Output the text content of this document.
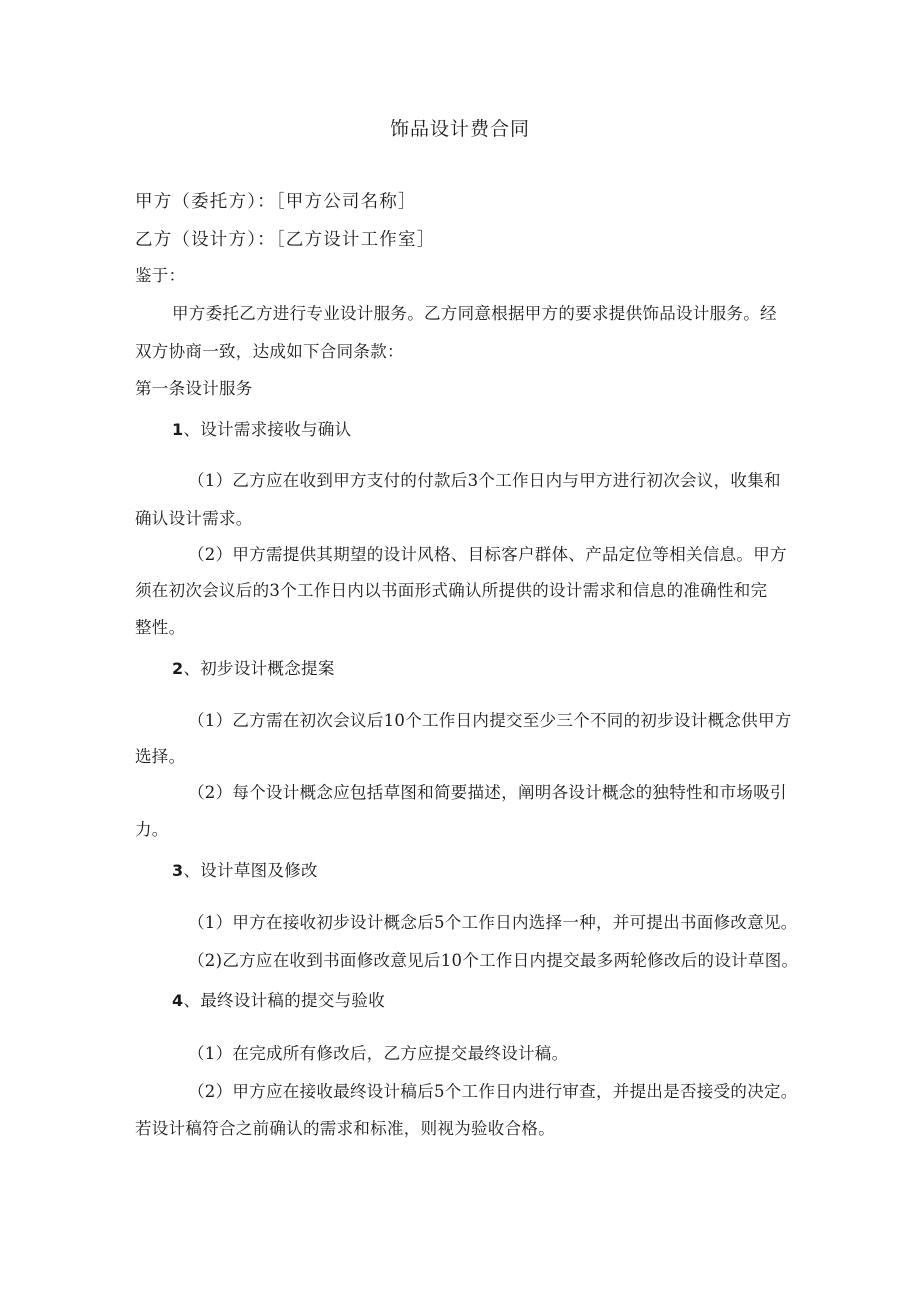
饰品设计费合同
甲方（委托方）：［甲方公司名称］
乙方（设计方）：［乙方设计工作室］
鉴于：
甲方委托乙方进行专业设计服务。乙方同意根据甲方的要求提供饰品设计服务。经
双方协商一致，达成如下合同条款：
第一条设计服务
1、设计需求接收与确认
（1）乙方应在收到甲方支付的付款后3个工作日内与甲方进行初次会议，收集和
确认设计需求。
（2）甲方需提供其期望的设计风格、目标客户群体、产品定位等相关信息。甲方
须在初次会议后的3个工作日内以书面形式确认所提供的设计需求和信息的准确性和完
整性。
2、初步设计概念提案
（1）乙方需在初次会议后10个工作日内提交至少三个不同的初步设计概念供甲方
选择。
（2）每个设计概念应包括草图和简要描述，阐明各设计概念的独特性和市场吸引
力。
3、设计草图及修改
（1）甲方在接收初步设计概念后5个工作日内选择一种，并可提出书面修改意见。
（2)乙方应在收到书面修改意见后10个工作日内提交最多两轮修改后的设计草图。
4、最终设计稿的提交与验收
（1）在完成所有修改后，乙方应提交最终设计稿。
（2）甲方应在接收最终设计稿后5个工作日内进行审查，并提出是否接受的决定。
若设计稿符合之前确认的需求和标准，则视为验收合格。
